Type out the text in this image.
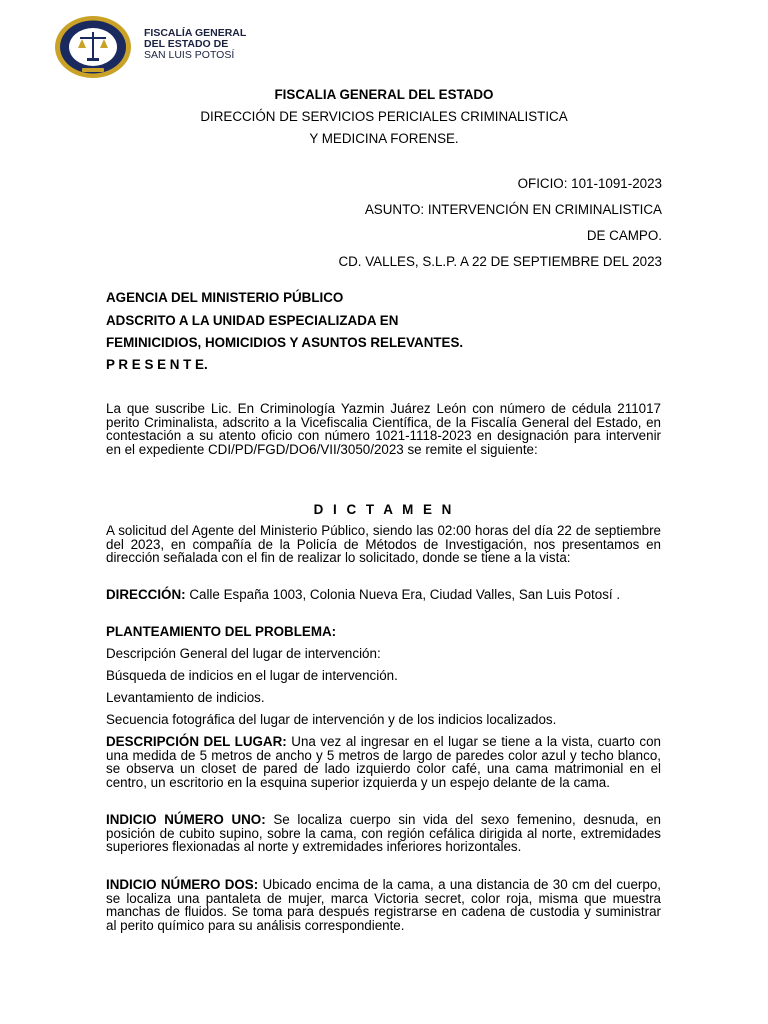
FISCALÍA GENERAL
DEL ESTADO DE
SAN LUIS POTOSÍ
FISCALIA GENERAL DEL ESTADO
DIRECCIÓN DE SERVICIOS PERICIALES CRIMINALISTICA
Y MEDICINA FORENSE.
OFICIO: 101-1091-2023
ASUNTO: INTERVENCIÓN EN CRIMINALISTICA
DE CAMPO.
CD. VALLES, S.L.P. A 22 DE SEPTIEMBRE DEL 2023
AGENCIA DEL MINISTERIO PÚBLICO
ADSCRITO A LA UNIDAD ESPECIALIZADA EN
FEMINICIDIOS, HOMICIDIOS Y ASUNTOS RELEVANTES.
P R E S E N T E.
La que suscribe Lic. En Criminología Yazmin Juárez León con número de cédula 211017 perito Criminalista, adscrito a la Vicefiscalia Científica, de la Fiscalía General del Estado, en contestación a su atento oficio con número 1021-1118-2023 en designación para intervenir en el expediente CDI/PD/FGD/DO6/VII/3050/2023 se remite el siguiente:
D I C T A M E N
A solicitud del Agente del Ministerio Público, siendo las 02:00 horas del día 22 de septiembre del 2023, en compañía de la Policía de Métodos de Investigación, nos presentamos en dirección señalada con el fin de realizar lo solicitado, donde se tiene a la vista:
DIRECCIÓN: Calle España 1003, Colonia Nueva Era, Ciudad Valles, San Luis Potosí .
PLANTEAMIENTO DEL PROBLEMA:
Descripción General del lugar de intervención:
Búsqueda de indicios en el lugar de intervención.
Levantamiento de indicios.
Secuencia fotográfica del lugar de intervención y de los indicios localizados.
DESCRIPCIÓN DEL LUGAR: Una vez al ingresar en el lugar se tiene a la vista, cuarto con una medida de 5 metros de ancho y 5 metros de largo de paredes color azul y techo blanco, se observa un closet de pared de lado izquierdo color café, una cama matrimonial en el centro, un escritorio en la esquina superior izquierda y un espejo delante de la cama.
INDICIO NÚMERO UNO: Se localiza cuerpo sin vida del sexo femenino, desnuda, en posición de cubito supino, sobre la cama, con región cefálica dirigida al norte, extremidades superiores flexionadas al norte y extremidades inferiores horizontales.
INDICIO NÚMERO DOS: Ubicado encima de la cama, a una distancia de 30 cm del cuerpo, se localiza una pantaleta de mujer, marca Victoria secret, color roja, misma que muestra manchas de fluidos. Se toma para después registrarse en cadena de custodia y suministrar al perito químico para su análisis correspondiente.
